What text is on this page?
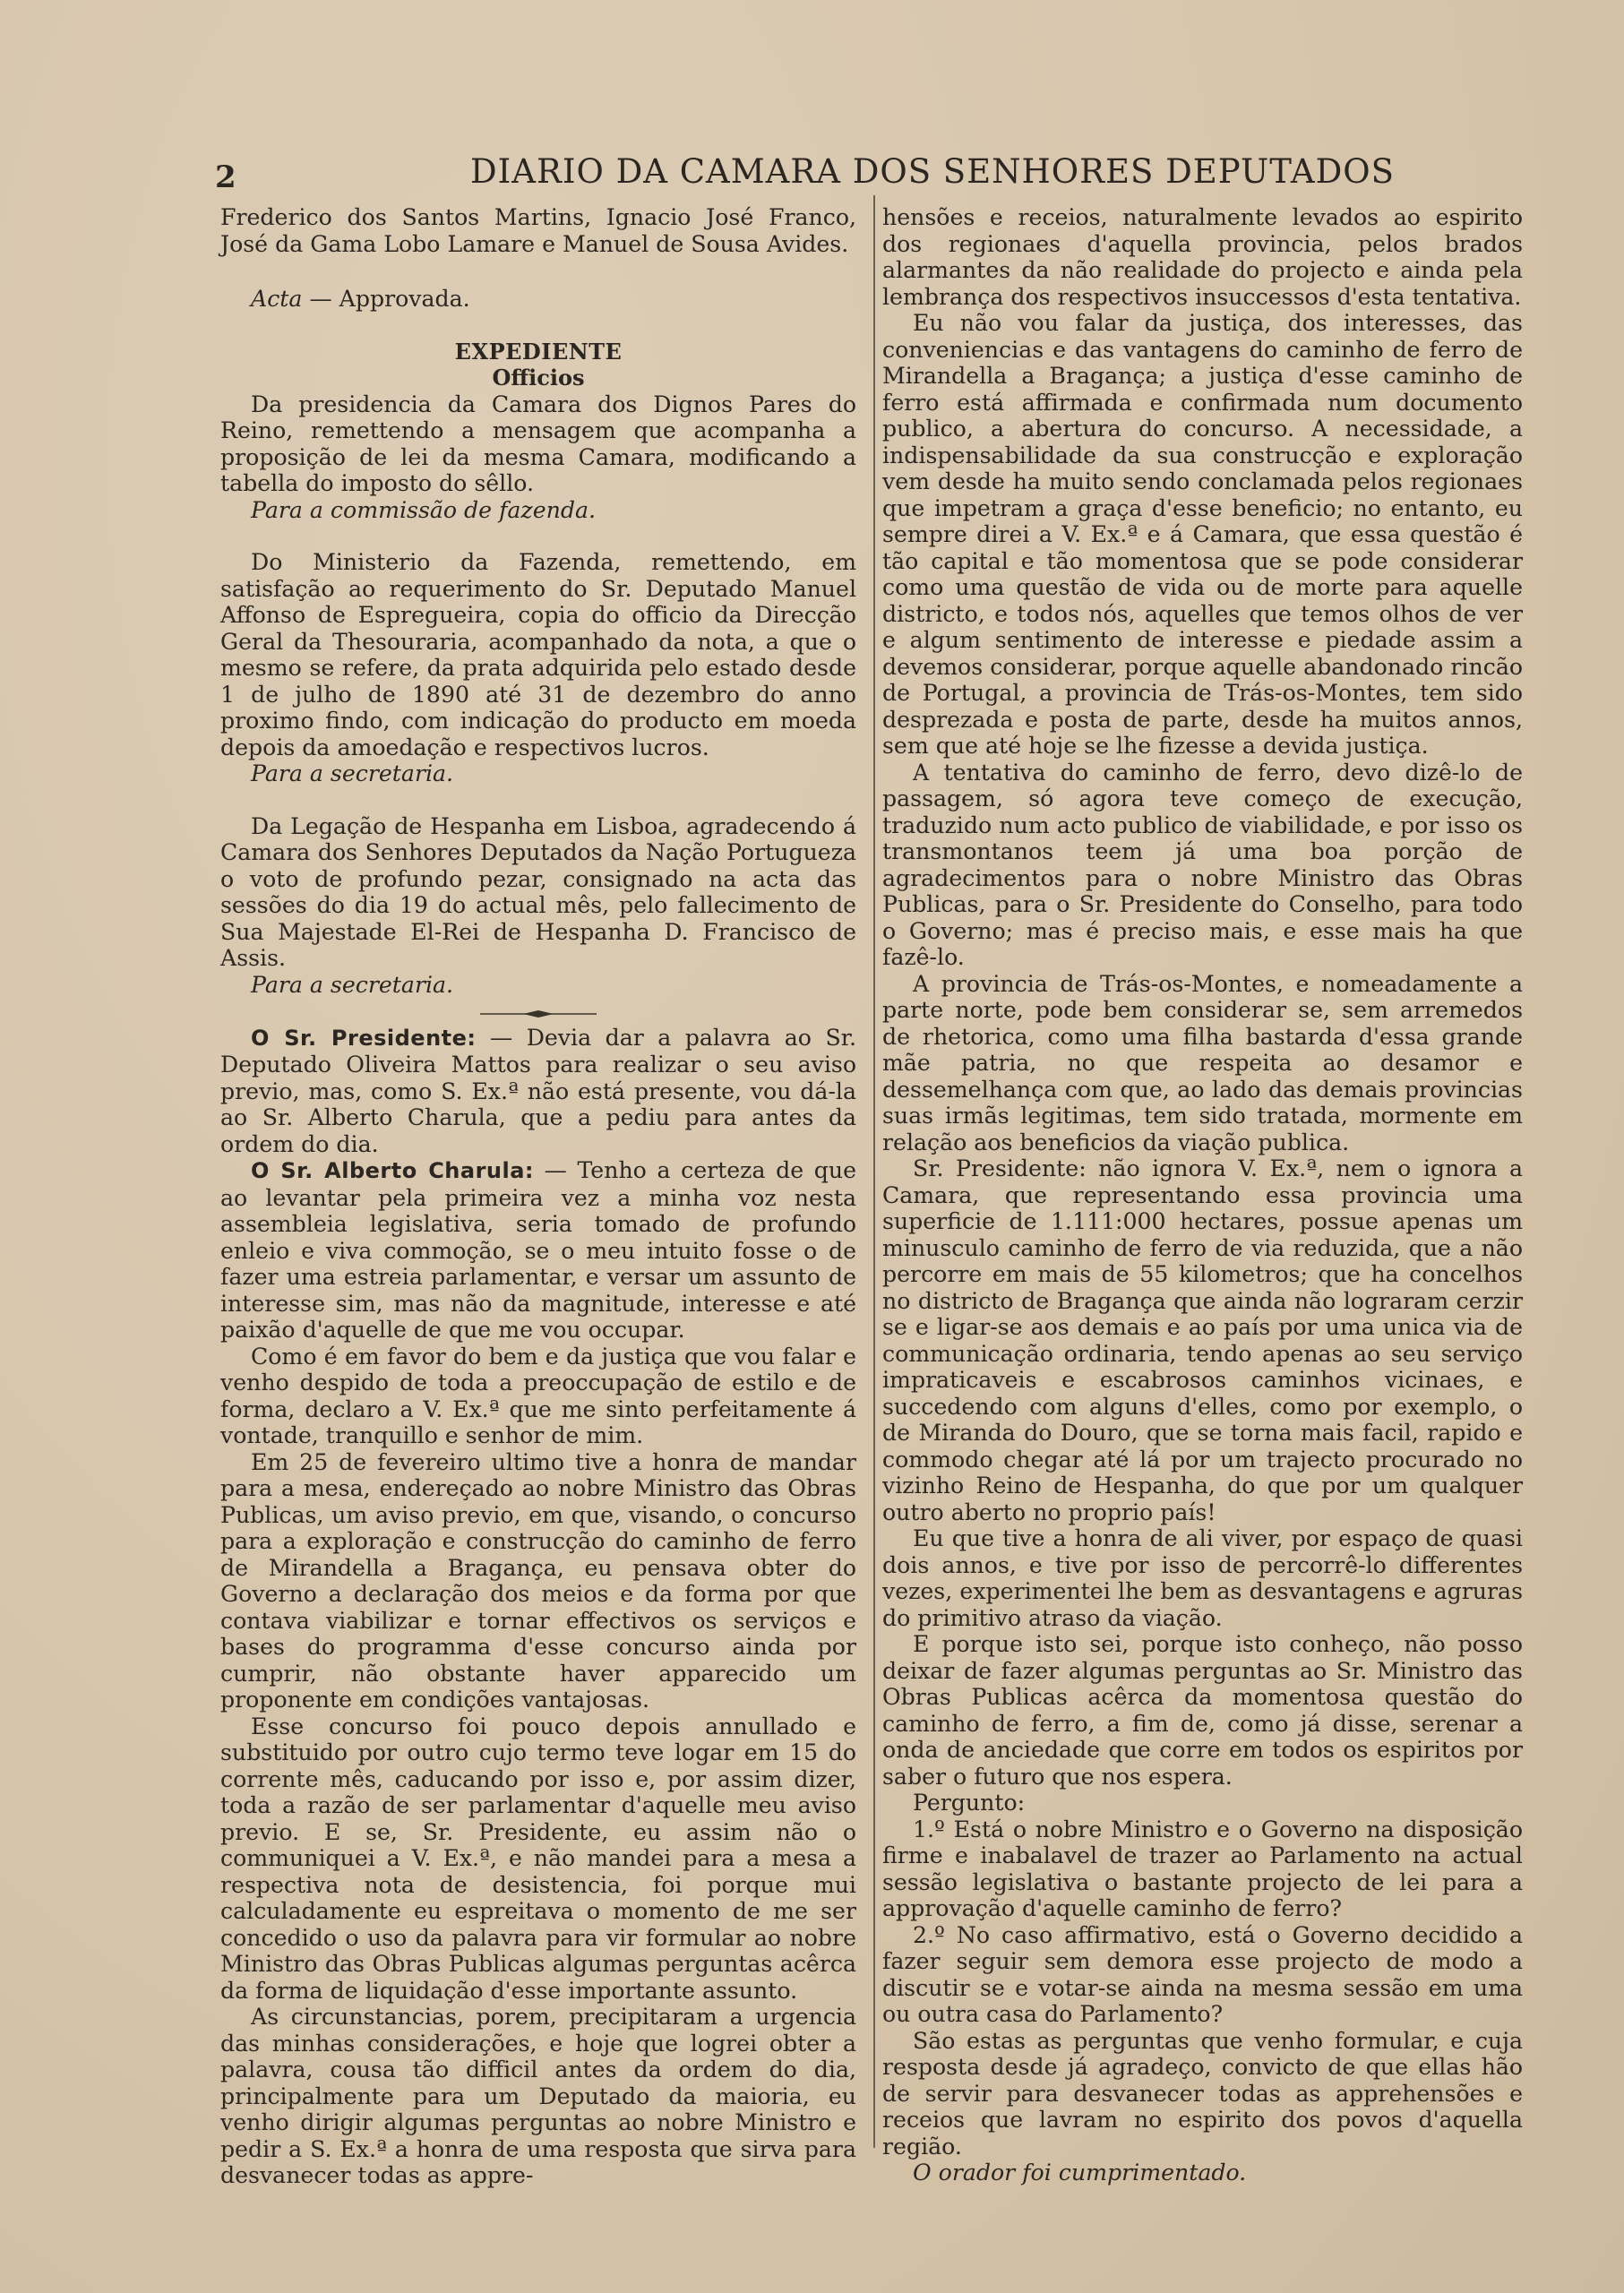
2	DIARIO DA CAMARA DOS SENHORES DEPUTADOS

Frederico dos Santos Martins, Ignacio José Franco, José da Gama Lobo Lamare e Manuel de Sousa Avides.

Acta — Approvada.

EXPEDIENTE

Officios

Da presidencia da Camara dos Dignos Pares do Reino, remettendo a mensagem que acompanha a proposição de lei da mesma Camara, modificando a tabella do imposto do sêllo.

Para a commissão de fazenda.

Do Ministerio da Fazenda, remettendo, em satisfação ao requerimento do Sr. Deputado Manuel Affonso de Espregueira, copia do officio da Direcção Geral da Thesouraria, acompanhado da nota, a que o mesmo se refere, da prata adquirida pelo estado desde 1 de julho de 1890 até 31 de dezembro do anno proximo findo, com indicação do producto em moeda depois da amoedação e respectivos lucros.

Para a secretaria.

Da Legação de Hespanha em Lisboa, agradecendo á Camara dos Senhores Deputados da Nação Portugueza o voto de profundo pezar, consignado na acta das sessões do dia 19 do actual mês, pelo fallecimento de Sua Majestade El-Rei de Hespanha D. Francisco de Assis.

Para a secretaria.

O Sr. Presidente: — Devia dar a palavra ao Sr. Deputado Oliveira Mattos para realizar o seu aviso previo, mas, como S. Ex.ª não está presente, vou dá-la ao Sr. Alberto Charula, que a pediu para antes da ordem do dia.

O Sr. Alberto Charula: — Tenho a certeza de que ao levantar pela primeira vez a minha voz nesta assembleia legislativa, seria tomado de profundo enleio e viva commoção, se o meu intuito fosse o de fazer uma estreia parlamentar, e versar um assunto de interesse sim, mas não da magnitude, interesse e até paixão d'aquelle de que me vou occupar.

Como é em favor do bem e da justiça que vou falar e venho despido de toda a preoccupação de estilo e de forma, declaro a V. Ex.ª que me sinto perfeitamente á vontade, tranquillo e senhor de mim.

Em 25 de fevereiro ultimo tive a honra de mandar para a mesa, endereçado ao nobre Ministro das Obras Publicas, um aviso previo, em que, visando, o concurso para a exploração e construcção do caminho de ferro de Mirandella a Bragança, eu pensava obter do Governo a declaração dos meios e da forma por que contava viabilizar e tornar effectivos os serviços e bases do programma d'esse concurso ainda por cumprir, não obstante haver apparecido um proponente em condições vantajosas.

Esse concurso foi pouco depois annullado e substituido por outro cujo termo teve logar em 15 do corrente mês, caducando por isso e, por assim dizer, toda a razão de ser parlamentar d'aquelle meu aviso previo. E se, Sr. Presidente, eu assim não o communiquei a V. Ex.ª, e não mandei para a mesa a respectiva nota de desistencia, foi porque mui calculadamente eu espreitava o momento de me ser concedido o uso da palavra para vir formular ao nobre Ministro das Obras Publicas algumas perguntas acêrca da forma de liquidação d'esse importante assunto.

As circunstancias, porem, precipitaram a urgencia das minhas considerações, e hoje que logrei obter a palavra, cousa tão difficil antes da ordem do dia, principalmente para um Deputado da maioria, eu venho dirigir algumas perguntas ao nobre Ministro e pedir a S. Ex.ª a honra de uma resposta que sirva para desvanecer todas as appre-

hensões e receios, naturalmente levados ao espirito dos regionaes d'aquella provincia, pelos brados alarmantes da não realidade do projecto e ainda pela lembrança dos respectivos insuccessos d'esta tentativa.

Eu não vou falar da justiça, dos interesses, das conveniencias e das vantagens do caminho de ferro de Mirandella a Bragança; a justiça d'esse caminho de ferro está affirmada e confirmada num documento publico, a abertura do concurso. A necessidade, a indispensabilidade da sua construcção e exploração vem desde ha muito sendo conclamada pelos regionaes que impetram a graça d'esse beneficio; no entanto, eu sempre direi a V. Ex.ª e á Camara, que essa questão é tão capital e tão momentosa que se pode considerar como uma questão de vida ou de morte para aquelle districto, e todos nós, aquelles que temos olhos de ver e algum sentimento de interesse e piedade assim a devemos considerar, porque aquelle abandonado rincão de Portugal, a provincia de Trás-os-Montes, tem sido desprezada e posta de parte, desde ha muitos annos, sem que até hoje se lhe fizesse a devida justiça.

A tentativa do caminho de ferro, devo dizê-lo de passagem, só agora teve começo de execução, traduzido num acto publico de viabilidade, e por isso os transmontanos teem já uma boa porção de agradecimentos para o nobre Ministro das Obras Publicas, para o Sr. Presidente do Conselho, para todo o Governo; mas é preciso mais, e esse mais ha que fazê-lo.

A provincia de Trás-os-Montes, e nomeadamente a parte norte, pode bem considerar se, sem arremedos de rhetorica, como uma filha bastarda d'essa grande mãe patria, no que respeita ao desamor e dessemelhança com que, ao lado das demais provincias suas irmãs legitimas, tem sido tratada, mormente em relação aos beneficios da viação publica.

Sr. Presidente: não ignora V. Ex.ª, nem o ignora a Camara, que representando essa provincia uma superficie de 1.111:000 hectares, possue apenas um minusculo caminho de ferro de via reduzida, que a não percorre em mais de 55 kilometros; que ha concelhos no districto de Bragança que ainda não lograram cerzir se e ligar-se aos demais e ao país por uma unica via de communicação ordinaria, tendo apenas ao seu serviço impraticaveis e escabrosos caminhos vicinaes, e succedendo com alguns d'elles, como por exemplo, o de Miranda do Douro, que se torna mais facil, rapido e commodo chegar até lá por um trajecto procurado no vizinho Reino de Hespanha, do que por um qualquer outro aberto no proprio país!

Eu que tive a honra de ali viver, por espaço de quasi dois annos, e tive por isso de percorrê-lo differentes vezes, experimentei lhe bem as desvantagens e agruras do primitivo atraso da viação.

E porque isto sei, porque isto conheço, não posso deixar de fazer algumas perguntas ao Sr. Ministro das Obras Publicas acêrca da momentosa questão do caminho de ferro, a fim de, como já disse, serenar a onda de anciedade que corre em todos os espiritos por saber o futuro que nos espera.

Pergunto:

1.º Está o nobre Ministro e o Governo na disposição firme e inabalavel de trazer ao Parlamento na actual sessão legislativa o bastante projecto de lei para a approvação d'aquelle caminho de ferro?

2.º No caso affirmativo, está o Governo decidido a fazer seguir sem demora esse projecto de modo a discutir se e votar-se ainda na mesma sessão em uma ou outra casa do Parlamento?

São estas as perguntas que venho formular, e cuja resposta desde já agradeço, convicto de que ellas hão de servir para desvanecer todas as apprehensões e receios que lavram no espirito dos povos d'aquella região.

O orador foi cumprimentado.
